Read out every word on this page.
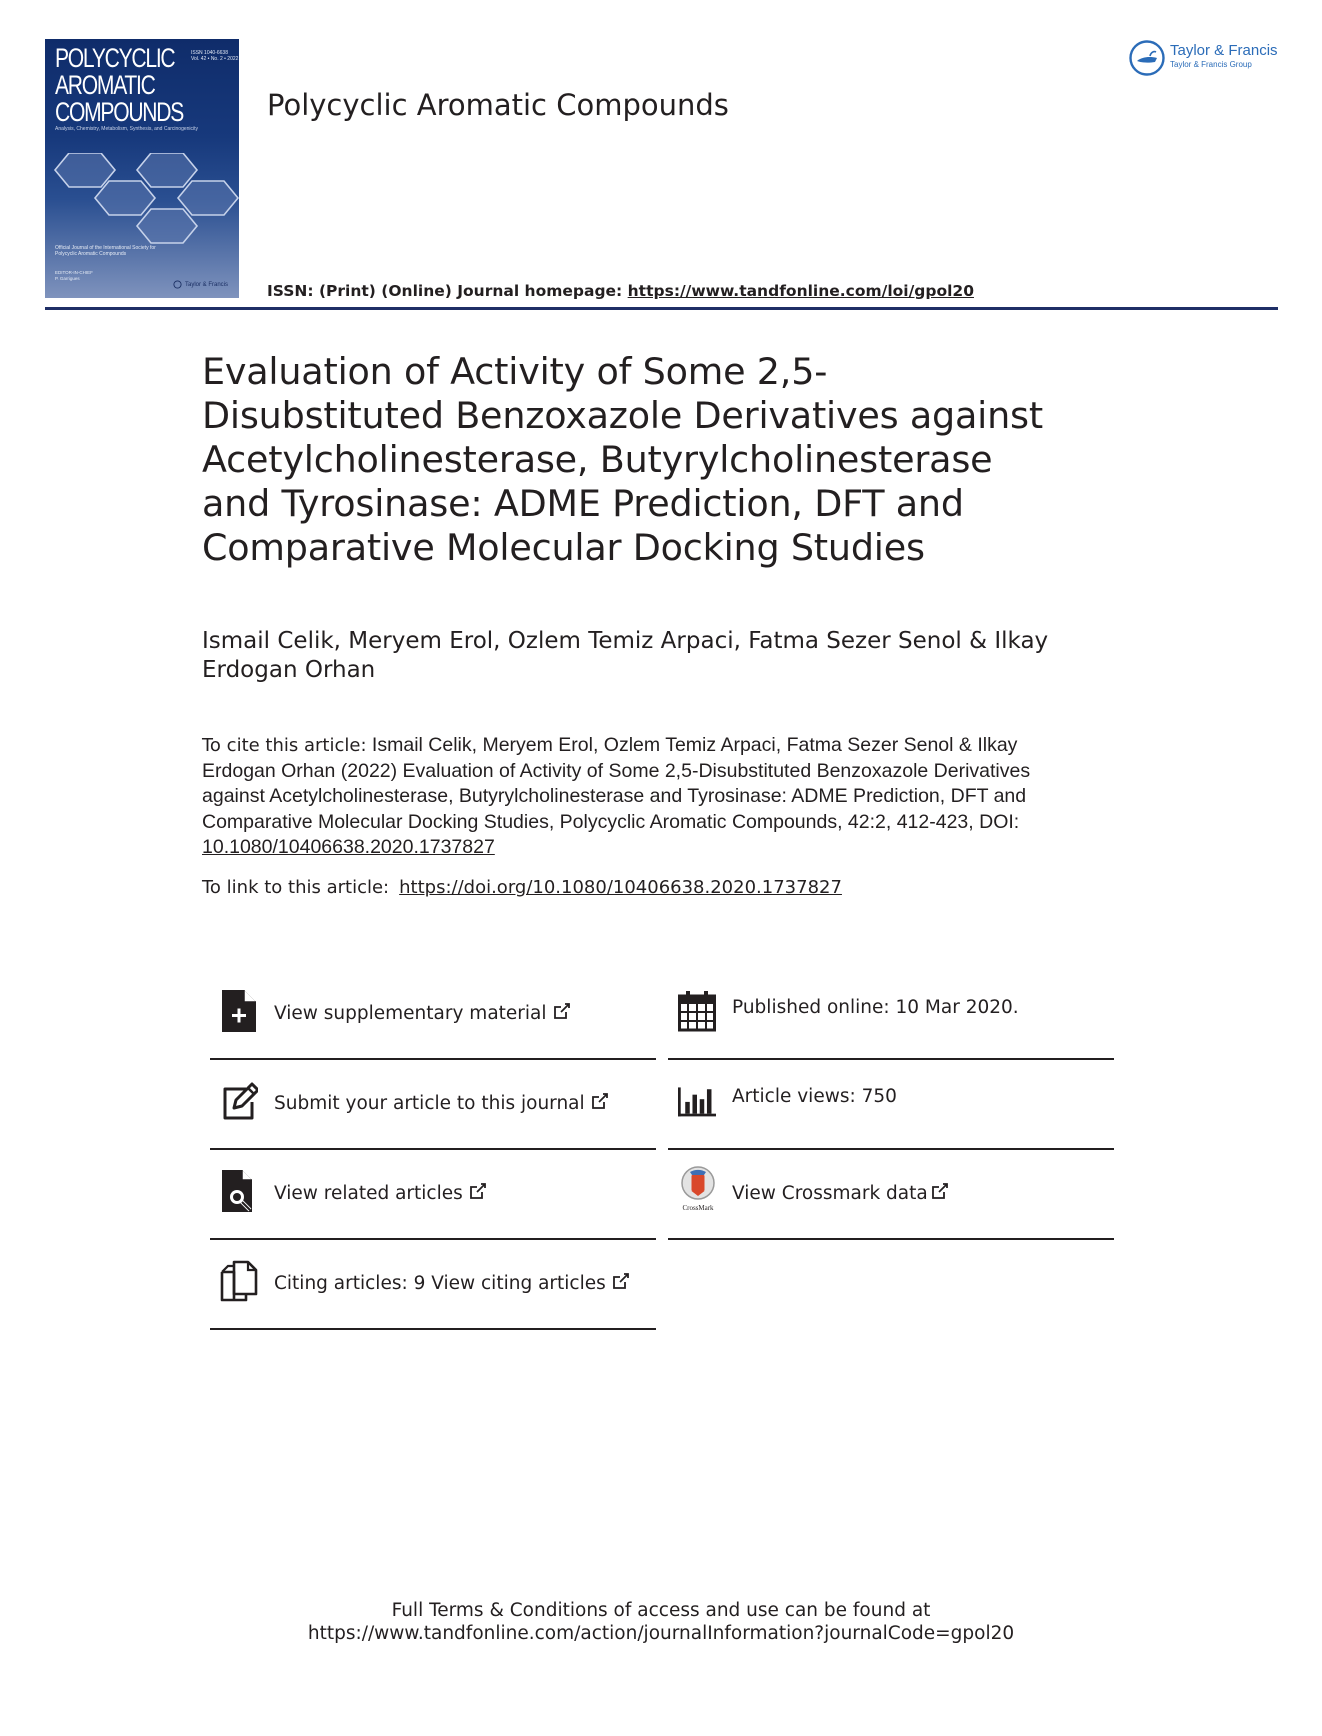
POLYCYCLIC AROMATIC COMPOUNDS
ISSN 1040-6638
Vol. 42 • No. 2 • 2022
Analysis, Chemistry, Metabolism, Synthesis, and Carcinogenicity
Official Journal of the International Society for Polycyclic Aromatic Compounds
EDITOR-IN-CHIEF
P. Garrigues
Taylor & Francis
Polycyclic Aromatic Compounds
ISSN: (Print) (Online) Journal homepage: https://www.tandfonline.com/loi/gpol20
Taylor & Francis
Taylor & Francis Group
Evaluation of Activity of Some 2,5-
Disubstituted Benzoxazole Derivatives against
Acetylcholinesterase, Butyrylcholinesterase
and Tyrosinase: ADME Prediction, DFT and
Comparative Molecular Docking Studies
Ismail Celik, Meryem Erol, Ozlem Temiz Arpaci, Fatma Sezer Senol & Ilkay
Erdogan Orhan
To cite this article: Ismail Celik, Meryem Erol, Ozlem Temiz Arpaci, Fatma Sezer Senol & Ilkay
Erdogan Orhan (2022) Evaluation of Activity of Some 2,5-Disubstituted Benzoxazole Derivatives
against Acetylcholinesterase, Butyrylcholinesterase and Tyrosinase: ADME Prediction, DFT and
Comparative Molecular Docking Studies, Polycyclic Aromatic Compounds, 42:2, 412-423, DOI:
10.1080/10406638.2020.1737827
To link to this article: https://doi.org/10.1080/10406638.2020.1737827
View supplementary material	Published online: 10 Mar 2020.
Submit your article to this journal	Article views: 750
View related articles
CrossMark
View Crossmark data
Citing articles: 9 View citing articles
Full Terms & Conditions of access and use can be found at
https://www.tandfonline.com/action/journalInformation?journalCode=gpol20
